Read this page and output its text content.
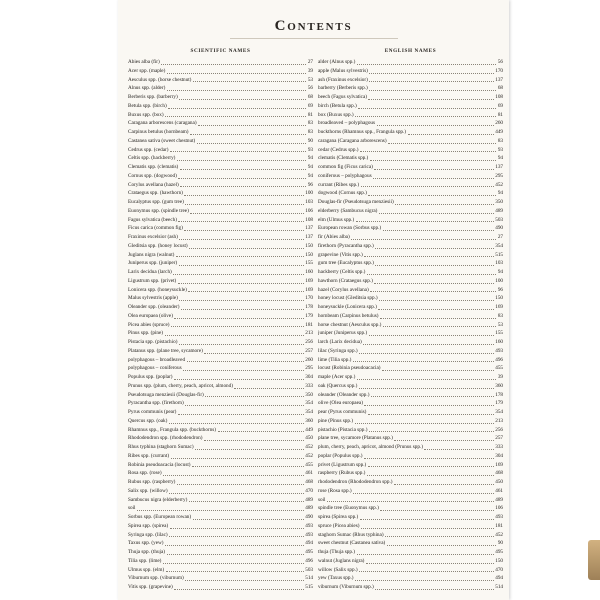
Contents
SCIENTIFIC NAMES
Abies alba (fir)	27
Acer spp. (maple)	39
Aesculus spp. (horse chestnut)	53
Alnus spp. (alder)	56
Berberis spp. (barberry)	68
Betula spp. (birch)	69
Buxus spp. (box)	81
Caragana arborescens (caragana)	83
Carpinus betulus (hornbeam)	83
Castanea sativa (sweet chestnut)	90
Cedrus spp. (cedar)	93
Celtis spp. (hackberry)	94
Clematis spp. (clematis)	94
Cornus spp. (dogwood)	94
Corylus avellana (hazel)	96
Crataegus spp. (hawthorn)	100
Eucalyptus spp. (gum tree)	103
Euonymus spp. (spindle tree)	106
Fagus sylvatica (beech)	108
Ficus carica (common fig)	137
Fraxinus excelsior (ash)	137
Gleditsia spp. (honey locust)	150
Juglans nigra (walnut)	150
Juniperus spp. (juniper)	155
Larix decidua (larch)	160
Ligustrum spp. (privet)	169
Lonicera spp. (honeysuckle)	169
Malus sylvestris (apple)	170
Oleander spp. (oleander)	178
Olea europaea (olive)	179
Picea abies (spruce)	181
Pinus spp. (pine)	213
Pistacia spp. (pistachio)	256
Platanus spp. (plane tree, sycamore)	257
polyphagous – broadleaved	260
polyphagous – coniferous	295
Populus spp. (poplar)	304
Prunus spp. (plum, cherry, peach, apricot, almond)	333
Pseudotsuga menziesii (Douglas-fir)	350
Pyracantha spp. (firethorn)	354
Pyrus communis (pear)	354
Quercus spp. (oak)	360
Rhamnus spp., Frangula spp. (buckthorns)	449
Rhododendron spp. (rhododendron)	450
Rhus typhina (staghorn Sumac)	452
Ribes spp. (currant)	452
Robinia pseudoacacia (locust)	455
Rosa spp. (rose)	461
Rubus spp. (raspberry)	468
Salix spp. (willow)	470
Sambucus nigra (elderberry)	489
soil	489
Sorbus spp. (European rowan)	490
Spirea spp. (spirea)	493
Syringa spp. (lilac)	493
Taxus spp. (yew)	494
Thuja spp. (thuja)	495
Tilia spp. (lime)	496
Ulmus spp. (elm)	503
Viburnum spp. (viburnum)	514
Vitis spp. (grapevine)	515
ENGLISH NAMES
alder (Alnus spp.)	56
apple (Malus sylvestris)	170
ash (Fraxinus excelsior)	137
barberry (Berberis spp.)	68
beech (Fagus sylvatica)	108
birch (Betula spp.)	69
box (Buxus spp.)	81
broadleaved – polyphagous	260
buckthorns (Rhamnus spp., Frangula spp.)	449
caragana (Caragana arborescens)	83
cedar (Cedrus spp.)	93
clematis (Clematis spp.)	94
common fig (Ficus carica)	137
coniferous – polyphagous	295
currant (Ribes spp.)	452
dogwood (Cornus spp.)	94
Douglas-fir (Pseudotsuga menziesii)	350
elderberry (Sambucus nigra)	489
elm (Ulmus spp.)	503
European rowan (Sorbus spp.)	490
fir (Abies alba)	27
firethorn (Pyracantha spp.)	354
grapevine (Vitis spp.)	515
gum tree (Eucalyptus spp.)	103
hackberry (Celtis spp.)	94
hawthorn (Crataegus spp.)	100
hazel (Corylus avellana)	96
honey locust (Gleditsia spp.)	150
honeysuckle (Lonicera spp.)	169
hornbeam (Carpinus betulus)	83
horse chestnut (Aesculus spp.)	53
juniper (Juniperus spp.)	155
larch (Larix decidua)	160
lilac (Syringa spp.)	493
lime (Tilia spp.)	496
locust (Robinia pseudoacacia)	455
maple (Acer spp.)	39
oak (Quercus spp.)	360
oleander (Oleander spp.)	178
olive (Olea europaea)	179
pear (Pyrus communis)	354
pine (Pinus spp.)	213
pistachio (Pistacia spp.)	256
plane tree, sycamore (Platanus spp.)	257
plum, cherry, peach, apricot, almond (Prunus spp.)	333
poplar (Populus spp.)	304
privet (Ligustrum spp.)	169
raspberry (Rubus spp.)	468
rhododendron (Rhododendron spp.)	450
rose (Rosa spp.)	461
soil	489
spindle tree (Euonymus spp.)	106
spirea (Spirea spp.)	493
spruce (Picea abies)	181
staghorn Sumac (Rhus typhina)	452
sweet chestnut (Castanea sativa)	90
thuja (Thuja spp.)	495
walnut (Juglans nigra)	150
willow (Salix spp.)	470
yew (Taxus spp.)	494
viburnum (Viburnum spp.)	514
